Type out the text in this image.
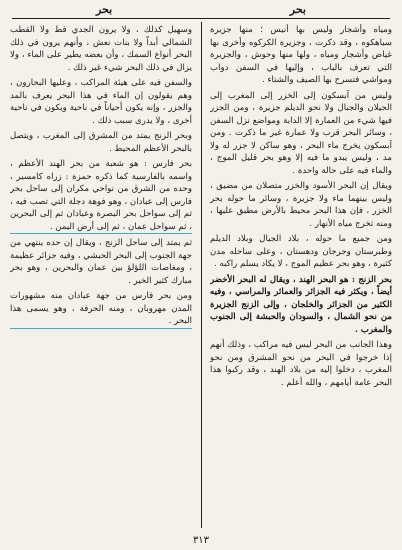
بحر
بحر

ومياه وأشجار وليس بها أنيس ؛ منها جزيرة سياهكوه ، وقد ذكرت ، وجزيرة الكركوه وأخرى بها غياض وأشجار ومياه ، ولها منها وحوش ، والجزيرة التي تعرف بالباب ، وإليها في السفن دواب ومواشي فتسرح بها الصيف والشتاء .

وليس من آبسكون إلى الخزر إلى المغرب إلى الجيلان والجبال ولا نحو الديلم جزيرة ، ومن الجزر فيها شيء من العمارة إلا الدابة ومواضع نزل السفن ، وسائر البحر قرب ولا عمارة غير ما ذكرت . ومن آبسكون يخرج ماء البحر ، وهو ساكن لا جزر له ولا مد ، وليس يبدو ما فيه إلا وهو بحر قليل الموج ، والماء فيه على حالة واحدة .

ويقال إن البحر الأسود والخزر متصلان من مضيق ، وليس بينهما ماء ولا جزيرة ، وسائر ما حوله بحر الخزر ، فإن هذا البحر محيط بالأرض مطبق عليها ، ومنه تخرج مياه الأنهار .

ومن جميع ما حوله ، بلاد الجبال وبلاد الديلم وطبرستان وجرجان ودهستان ، وعلى ساحله مدن كثيرة ، وهو بحر عظيم الموج ، لا يكاد يسلم راكبه .

بحر الزنج : هو البحر الهند ، ويقال له البحر الأخضر أيضاً ، ويكثر فيه الجزائر والعمائر والمراسي ، وفيه الكثير من الجزائر والخلجان ، وإلى الزنج الجزيرة من نحو الشمال ، والسودان والحبشة إلى الجنوب والمغرب .

وهذا الجانب من البحر ليس فيه مراكب ، وذلك أنهم إذا خرجوا في البحر من نحو المشرق ومن نحو المغرب ، دخلوا إليه من بلاد الهند ، وقد ركبوا هذا البحر عامة أيامهم ، والله أعلم .

وسهيل كذلك ، ولا يرون الجدي قط ولا القطب الشمالي أبداً ولا بنات نعش ، وأنهم يرون في ذلك البحر أنواع السمك ، وأن بعضه يطير على الماء ، ولا يزال في ذلك البحر شيء غير ذلك .

والسفن فيه على هيئة المراكب ، وعليها البحارون ، وهم يقولون إن الماء في هذا البحر يعرف بالمد والجزر ، وإنه يكون أحياناً في ناحية ويكون في ناحية أخرى ، ولا يدرى سبب ذلك .

وبحر الزنج يمتد من المشرق إلى المغرب ، ويتصل بالبحر الأعظم المحيط .

بحر فارس : هو شعبة من بحر الهند الأعظم ، واسمه بالفارسية كما ذكره حمزة : زراه كامسير ، وحده من الشرق من نواحي مكران إلى ساحل بحر فارس إلى عبادان ، وهو فوهة دجلة التي تصب فيه ، ثم إلى سواحل بحر البصرة وعبادان ثم إلى البحرين ، ثم سواحل عمان ، ثم إلى أرض اليمن .

ثم يمتد إلى ساحل الزنج ، ويقال إن حده ينتهي من جهة الجنوب إلى البحر الحبشي ، وفيه جزائر عظيمة ، ومغاصات اللؤلؤ بين عمان والبحرين ، وهو بحر مبارك كثير الخير .

ومن بحر فارس من جهة عبادان منه مشهورات المدن مهروبان ، ومنه الحرفة ، وهو يسمى هذا البحر .

٣١٣
